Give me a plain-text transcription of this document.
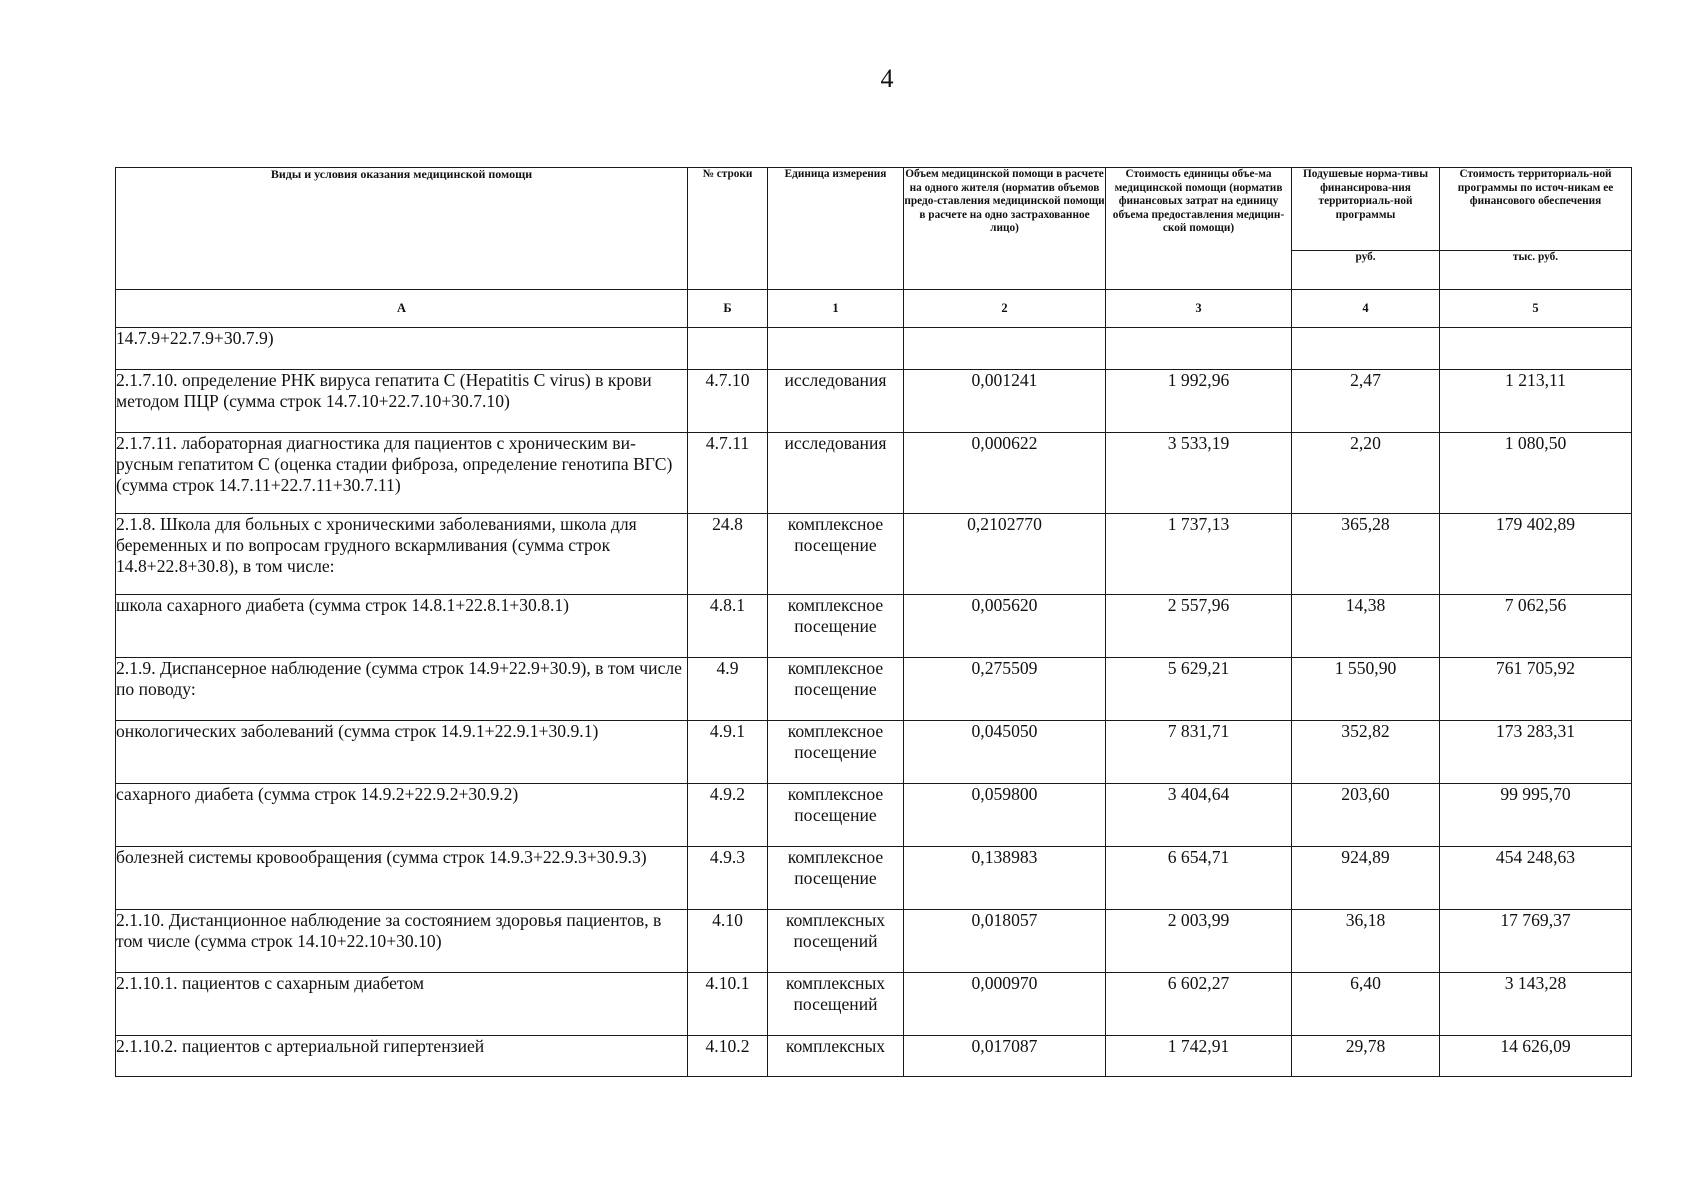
4
Виды и условия оказания медицинской помощи	№ строки	Единица измерения	Объем медицинской помощи в расчете на одного жителя (норматив объемов предо-ставления медицинской помощи в расчете на одно застрахованное лицо)	Стоимость единицы объе-ма медицинской помощи (норматив финансовых затрат на единицу объема предоставления медицин-ской помощи)	Подушевые норма-тивы финансирова-ния территориаль-ной программы	Стоимость территориаль-ной программы по источ-никам ее финансового обеспечения
					руб.	тыс. руб.
А	Б	1	2	3	4	5
14.7.9+22.7.9+30.7.9)						
2.1.7.10. определение РНК вируса гепатита С (Hepatitis C virus) в крови методом ПЦР (сумма строк 14.7.10+22.7.10+30.7.10)	4.7.10	исследования	0,001241	1 992,96	2,47	1 213,11
2.1.7.11. лабораторная диагностика для пациентов с хроническим ви-русным гепатитом С (оценка стадии фиброза, определение генотипа ВГС) (сумма строк 14.7.11+22.7.11+30.7.11)	4.7.11	исследования	0,000622	3 533,19	2,20	1 080,50
2.1.8. Школа для больных с хроническими заболеваниями, школа для беременных и по вопросам грудного вскармливания (сумма строк 14.8+22.8+30.8), в том числе:	24.8	комплексное посещение	0,2102770	1 737,13	365,28	179 402,89
школа сахарного диабета (сумма строк 14.8.1+22.8.1+30.8.1)	4.8.1	комплексное посещение	0,005620	2 557,96	14,38	7 062,56
2.1.9. Диспансерное наблюдение (сумма строк 14.9+22.9+30.9), в том числе по поводу:	4.9	комплексное посещение	0,275509	5 629,21	1 550,90	761 705,92
онкологических заболеваний (сумма строк 14.9.1+22.9.1+30.9.1)	4.9.1	комплексное посещение	0,045050	7 831,71	352,82	173 283,31
сахарного диабета (сумма строк 14.9.2+22.9.2+30.9.2)	4.9.2	комплексное посещение	0,059800	3 404,64	203,60	99 995,70
болезней системы кровообращения (сумма строк 14.9.3+22.9.3+30.9.3)	4.9.3	комплексное посещение	0,138983	6 654,71	924,89	454 248,63
2.1.10. Дистанционное наблюдение за состоянием здоровья пациентов, в том числе (сумма строк 14.10+22.10+30.10)	4.10	комплексных посещений	0,018057	2 003,99	36,18	17 769,37
2.1.10.1. пациентов с сахарным диабетом	4.10.1	комплексных посещений	0,000970	6 602,27	6,40	3 143,28
2.1.10.2. пациентов с артериальной гипертензией	4.10.2	комплексных	0,017087	1 742,91	29,78	14 626,09
